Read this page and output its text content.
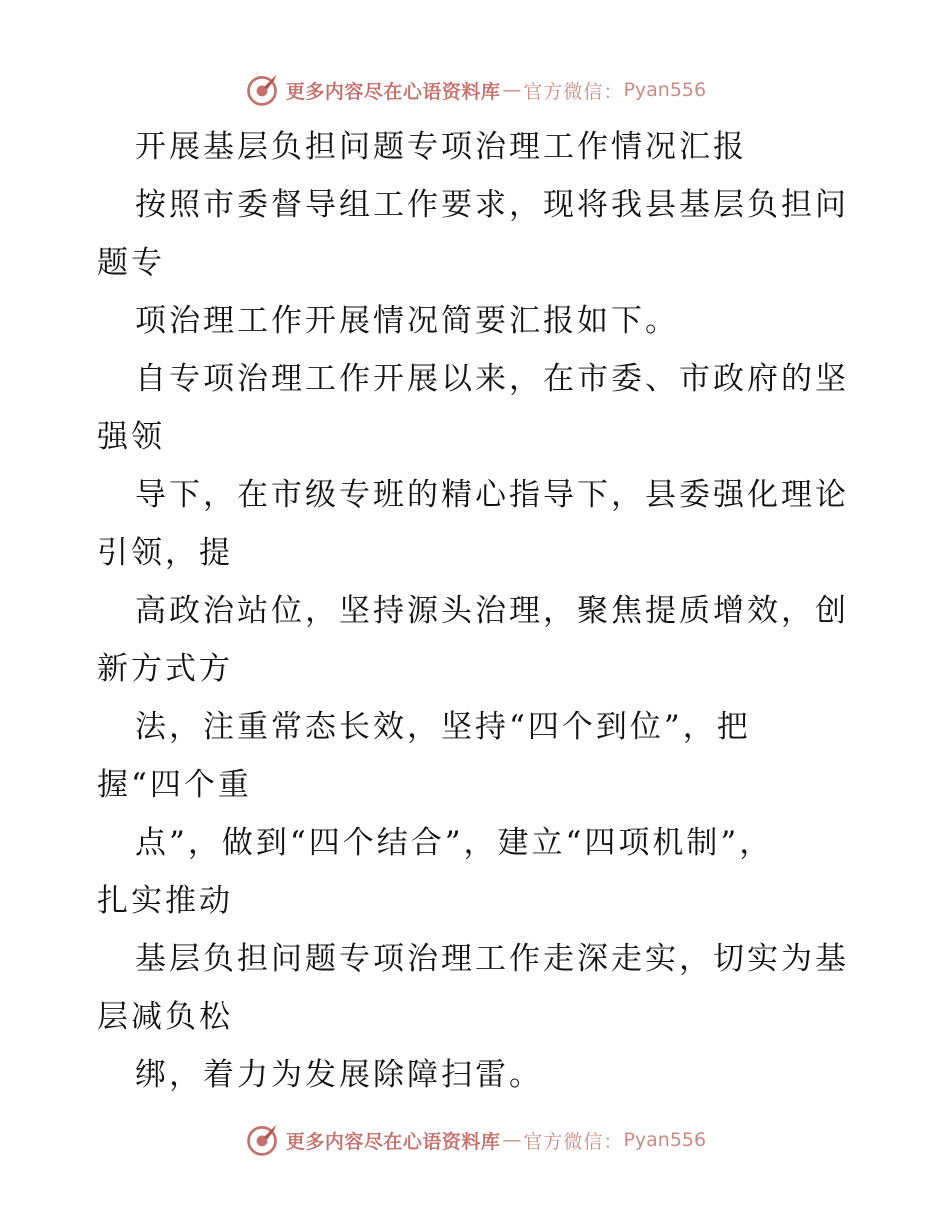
更多内容尽在心语资料库 — 官方微信： Pyan556
开展基层负担问题专项治理工作情况汇报
按照市委督导组工作要求，现将我县基层负担问
题专
项治理工作开展情况简要汇报如下。
自专项治理工作开展以来，在市委、市政府的坚
强领
导下，在市级专班的精心指导下，县委强化理论
引领，提
高政治站位，坚持源头治理，聚焦提质增效，创
新方式方
法，注重常态长效，坚持“四个到位”，把
握“四个重
点”，做到“四个结合”，建立“四项机制”，
扎实推动
基层负担问题专项治理工作走深走实，切实为基
层减负松
绑，着力为发展除障扫雷。
更多内容尽在心语资料库 — 官方微信： Pyan556
